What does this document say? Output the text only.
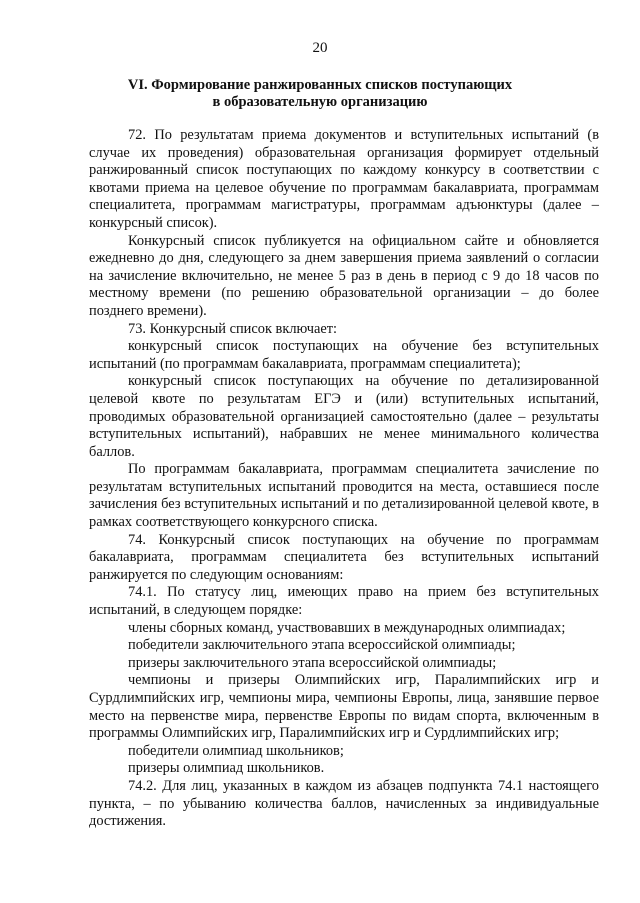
20
VI. Формирование ранжированных списков поступающих
в образовательную организацию

72. По результатам приема документов и вступительных испытаний (в случае их проведения) образовательная организация формирует отдельный ранжированный список поступающих по каждому конкурсу в соответствии с квотами приема на целевое обучение по программам бакалавриата, программам специалитета, программам магистратуры, программам адъюнктуры (далее – конкурсный список).

Конкурсный список публикуется на официальном сайте и обновляется ежедневно до дня, следующего за днем завершения приема заявлений о согласии на зачисление включительно, не менее 5 раз в день в период с 9 до 18 часов по местному времени (по решению образовательной организации – до более позднего времени).

73. Конкурсный список включает:

конкурсный список поступающих на обучение без вступительных испытаний (по программам бакалавриата, программам специалитета);

конкурсный список поступающих на обучение по детализированной целевой квоте по результатам ЕГЭ и (или) вступительных испытаний, проводимых образовательной организацией самостоятельно (далее – результаты вступительных испытаний), набравших не менее минимального количества баллов.

По программам бакалавриата, программам специалитета зачисление по результатам вступительных испытаний проводится на места, оставшиеся после зачисления без вступительных испытаний и по детализированной целевой квоте, в рамках соответствующего конкурсного списка.

74. Конкурсный список поступающих на обучение по программам бакалавриата, программам специалитета без вступительных испытаний ранжируется по следующим основаниям:

74.1. По статусу лиц, имеющих право на прием без вступительных испытаний, в следующем порядке:

члены сборных команд, участвовавших в международных олимпиадах;

победители заключительного этапа всероссийской олимпиады;

призеры заключительного этапа всероссийской олимпиады;

чемпионы и призеры Олимпийских игр, Паралимпийских игр и Сурдлимпийских игр, чемпионы мира, чемпионы Европы, лица, занявшие первое место на первенстве мира, первенстве Европы по видам спорта, включенным в программы Олимпийских игр, Паралимпийских игр и Сурдлимпийских игр;

победители олимпиад школьников;

призеры олимпиад школьников.

74.2. Для лиц, указанных в каждом из абзацев подпункта 74.1 настоящего пункта, – по убыванию количества баллов, начисленных за индивидуальные достижения.
